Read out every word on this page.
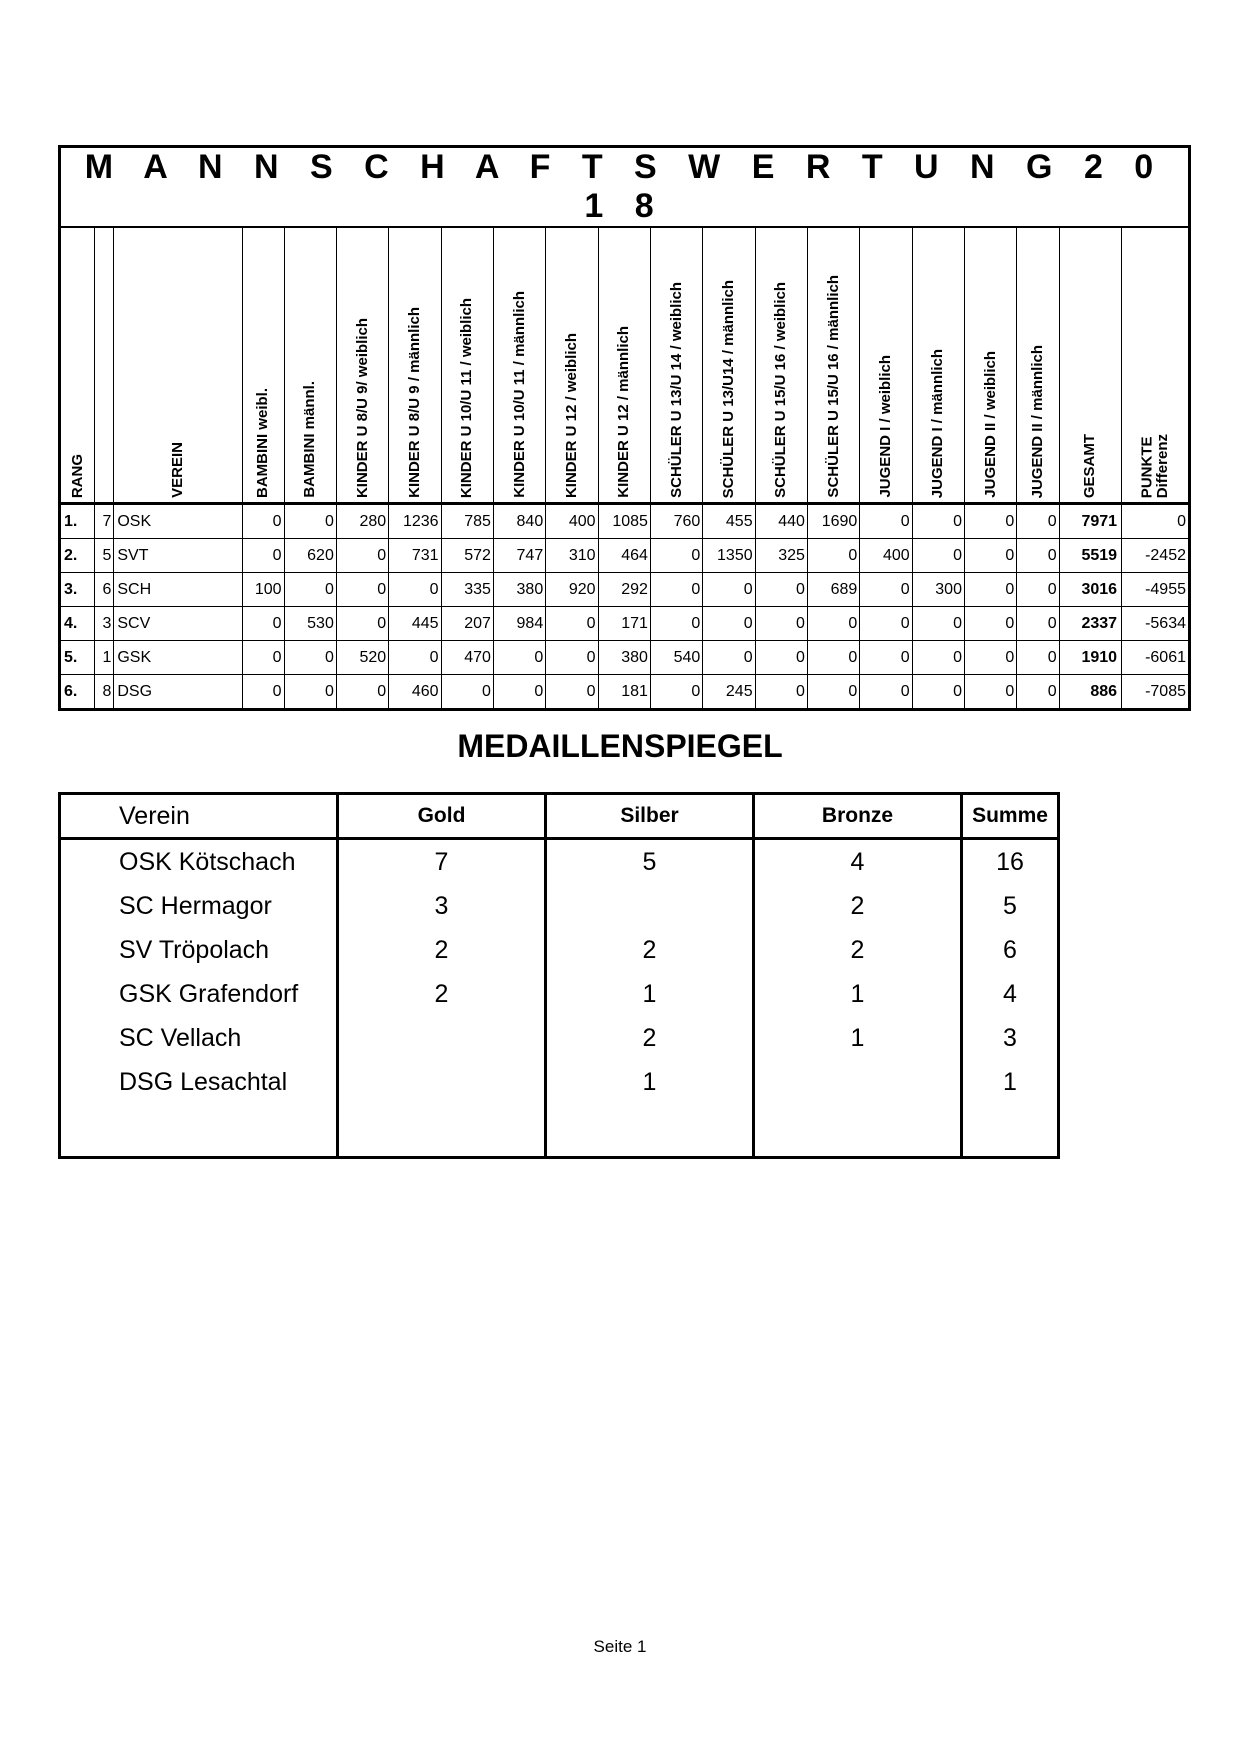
M A N N S C H A F T S W E R T U N G 2 0 1 8																				

RANG		VEREIN	BAMBINI weibl.	BAMBINI männl.	KINDER U 8/U 9/ weiblich	KINDER U 8/U 9 / männlich	KINDER U 10/U 11 / weiblich	KINDER U 10/U 11 / männlich	KINDER U 12 / weiblich	KINDER U 12 / männlich	SCHÜLER U 13/U 14 / weiblich	SCHÜLER U 13/U14 / männlich	SCHÜLER U 15/U 16 / weiblich	SCHÜLER U 15/U 16 / männlich	JUGEND I / weiblich	JUGEND I / männlich	JUGEND II / weiblich	JUGEND II / männlich	GESAMT	PUNKTE
Differenz

1.	7	OSK	0	0	280	1236	785	840	400	1085	760	455	440	1690	0	0	0	0	7971	0
2.	5	SVT	0	620	0	731	572	747	310	464	0	1350	325	0	400	0	0	0	5519	-2452
3.	6	SCH	100	0	0	0	335	380	920	292	0	0	0	689	0	300	0	0	3016	-4955
4.	3	SCV	0	530	0	445	207	984	0	171	0	0	0	0	0	0	0	0	2337	-5634
5.	1	GSK	0	0	520	0	470	0	0	380	540	0	0	0	0	0	0	0	1910	-6061
6.	8	DSG	0	0	0	460	0	0	0	181	0	245	0	0	0	0	0	0	886	-7085
MEDAILLENSPIEGEL
Verein	Gold	Silber	Bronze	Summe
OSK Kötschach	7	5	4	16
SC Hermagor	3		2	5
SV Tröpolach	2	2	2	6
GSK Grafendorf	2	1	1	4
SC Vellach		2	1	3
DSG Lesachtal		1		1

Seite 1
